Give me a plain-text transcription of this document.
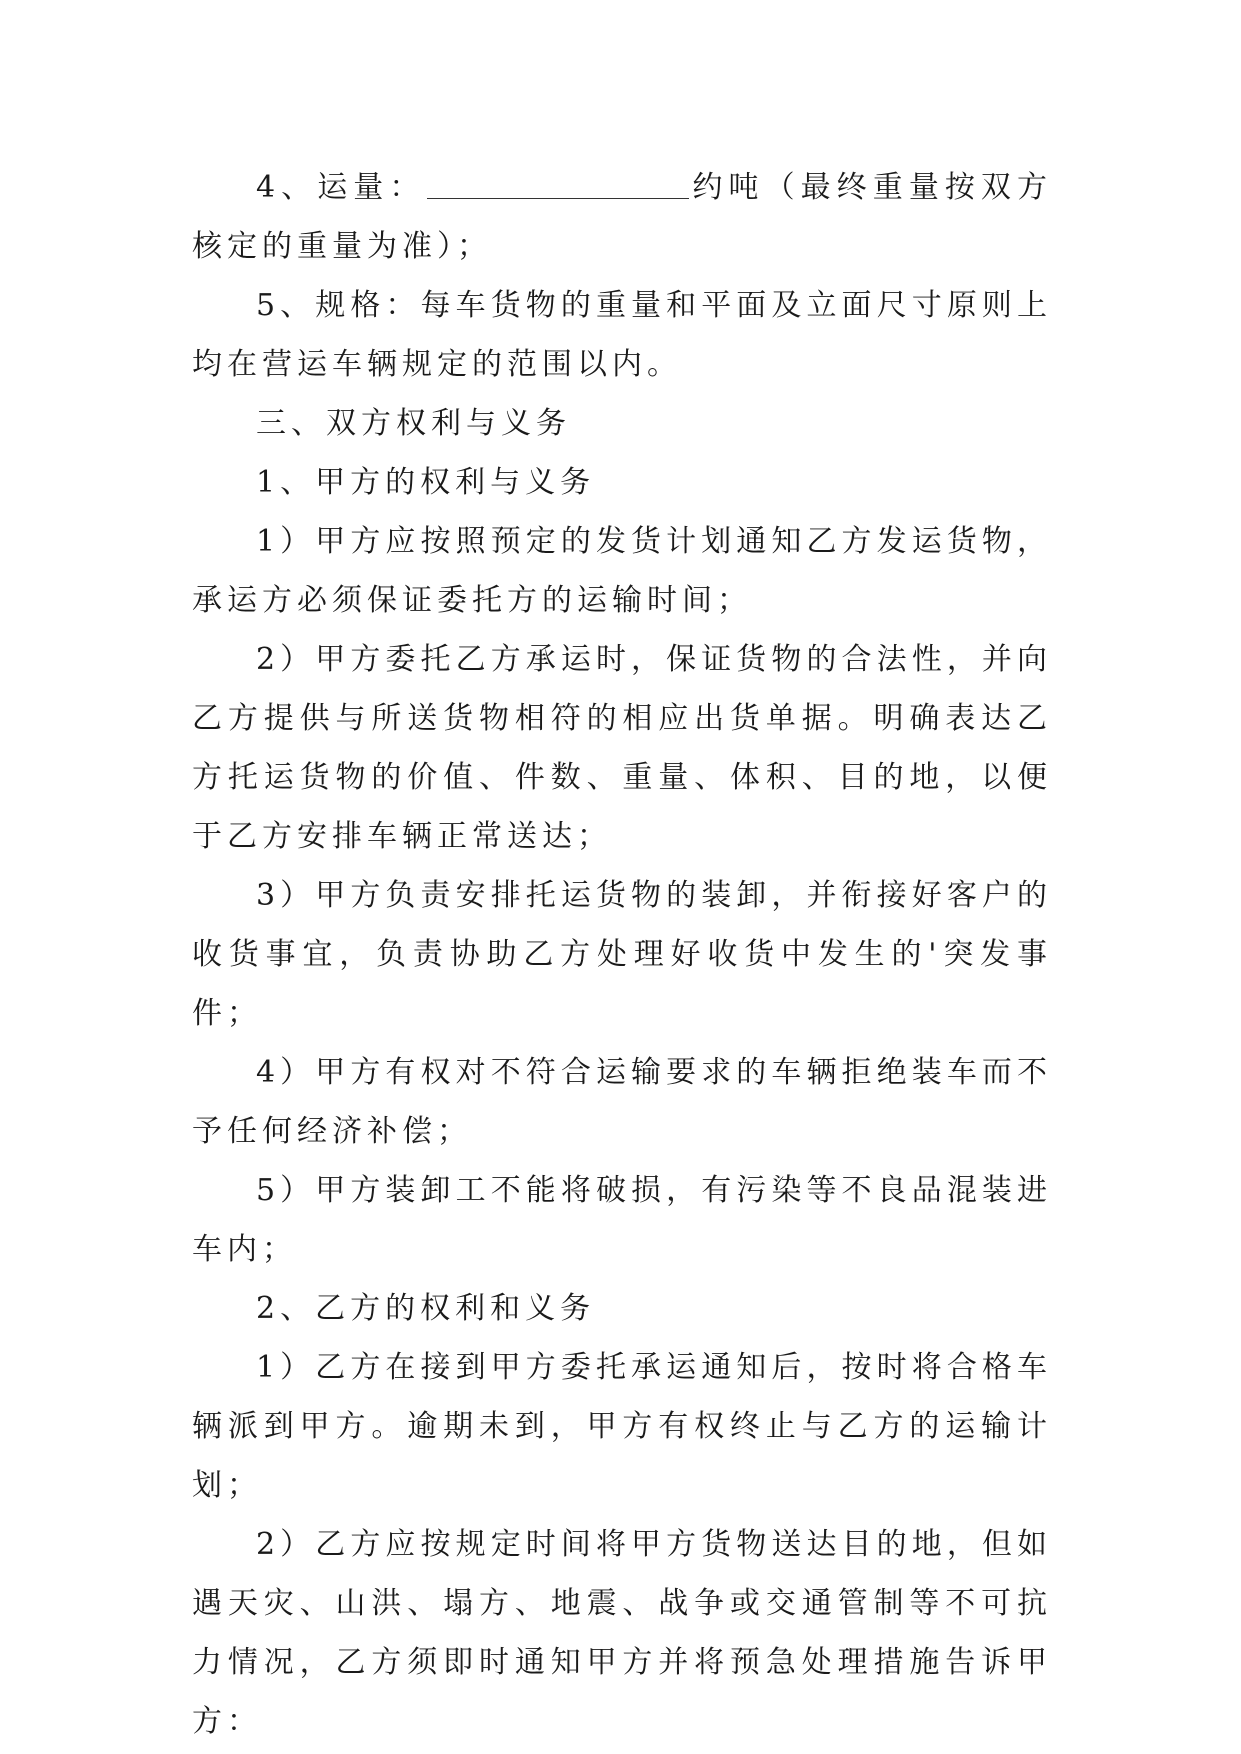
4、运量：	约吨（最终重量按双方核定的重量为准）；

5、规格：每车货物的重量和平面及立面尺寸原则上均在营运车辆规定的范围以内。

三、双方权利与义务

1、甲方的权利与义务

1）甲方应按照预定的发货计划通知乙方发运货物，承运方必须保证委托方的运输时间；

2）甲方委托乙方承运时，保证货物的合法性，并向乙方提供与所送货物相符的相应出货单据。明确表达乙方托运货物的价值、件数、重量、体积、目的地，以便于乙方安排车辆正常送达；

3）甲方负责安排托运货物的装卸，并衔接好客户的收货事宜，负责协助乙方处理好收货中发生的'突发事件；

4）甲方有权对不符合运输要求的车辆拒绝装车而不予任何经济补偿；

5）甲方装卸工不能将破损，有污染等不良品混装进车内；

2、乙方的权利和义务

1）乙方在接到甲方委托承运通知后，按时将合格车辆派到甲方。逾期未到，甲方有权终止与乙方的运输计划；

2）乙方应按规定时间将甲方货物送达目的地，但如遇天灾、山洪、塌方、地震、战争或交通管制等不可抗力情况，乙方须即时通知甲方并将预急处理措施告诉甲方：
